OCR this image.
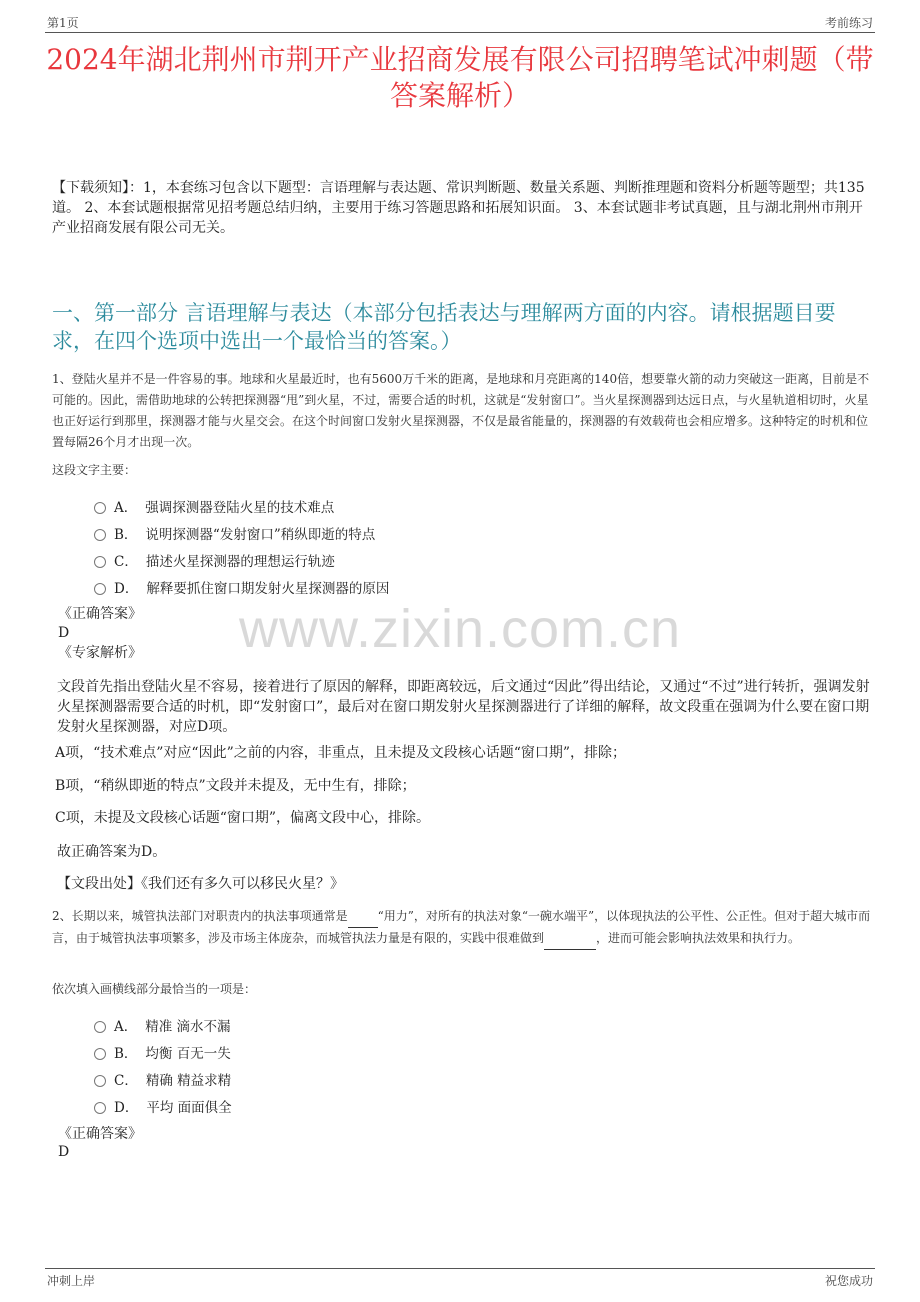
第1页	考前练习
2024年湖北荆州市荆开产业招商发展有限公司招聘笔试冲刺题（带答案解析）
【下载须知】：1，本套练习包含以下题型：言语理解与表达题、常识判断题、数量关系题、判断推理题和资料分析题等题型；共135道。 2、本套试题根据常见招考题总结归纳，主要用于练习答题思路和拓展知识面。 3、本套试题非考试真题，且与湖北荆州市荆开产业招商发展有限公司无关。
一、第一部分 言语理解与表达（本部分包括表达与理解两方面的内容。请根据题目要求，在四个选项中选出一个最恰当的答案。）
1、登陆火星并不是一件容易的事。地球和火星最近时，也有5600万千米的距离，是地球和月亮距离的140倍，想要靠火箭的动力突破这一距离，目前是不可能的。因此，需借助地球的公转把探测器“甩”到火星，不过，需要合适的时机，这就是“发射窗口”。当火星探测器到达远日点，与火星轨道相切时，火星也正好运行到那里，探测器才能与火星交会。在这个时间窗口发射火星探测器，不仅是最省能量的，探测器的有效载荷也会相应增多。这种特定的时机和位置每隔26个月才出现一次。
这段文字主要：
A． 强调探测器登陆火星的技术难点
B． 说明探测器“发射窗口”稍纵即逝的特点
C． 描述火星探测器的理想运行轨迹
D． 解释要抓住窗口期发射火星探测器的原因
《正确答案》
D
《专家解析》
文段首先指出登陆火星不容易，接着进行了原因的解释，即距离较远，后文通过“因此”得出结论，又通过“不过”进行转折，强调发射火星探测器需要合适的时机，即“发射窗口”，最后对在窗口期发射火星探测器进行了详细的解释，故文段重在强调为什么要在窗口期发射火星探测器，对应D项。
A项，“技术难点”对应“因此”之前的内容，非重点，且未提及文段核心话题“窗口期”，排除；
B项，“稍纵即逝的特点”文段并未提及，无中生有，排除；
C项，未提及文段核心话题“窗口期”，偏离文段中心，排除。
故正确答案为D。
【文段出处】《我们还有多久可以移民火星？》
2、长期以来，城管执法部门对职责内的执法事项通常是	“用力”，对所有的执法对象“一碗水端平”，以体现执法的公平性、公正性。但对于超大城市而言，由于城管执法事项繁多，涉及市场主体庞杂，而城管执法力量是有限的，实践中很难做到	，进而可能会影响执法效果和执行力。
依次填入画横线部分最恰当的一项是：
A． 精准 滴水不漏
B． 均衡 百无一失
C． 精确 精益求精
D． 平均 面面俱全
《正确答案》
D
www.zixin.com.cn
冲刺上岸	祝您成功
